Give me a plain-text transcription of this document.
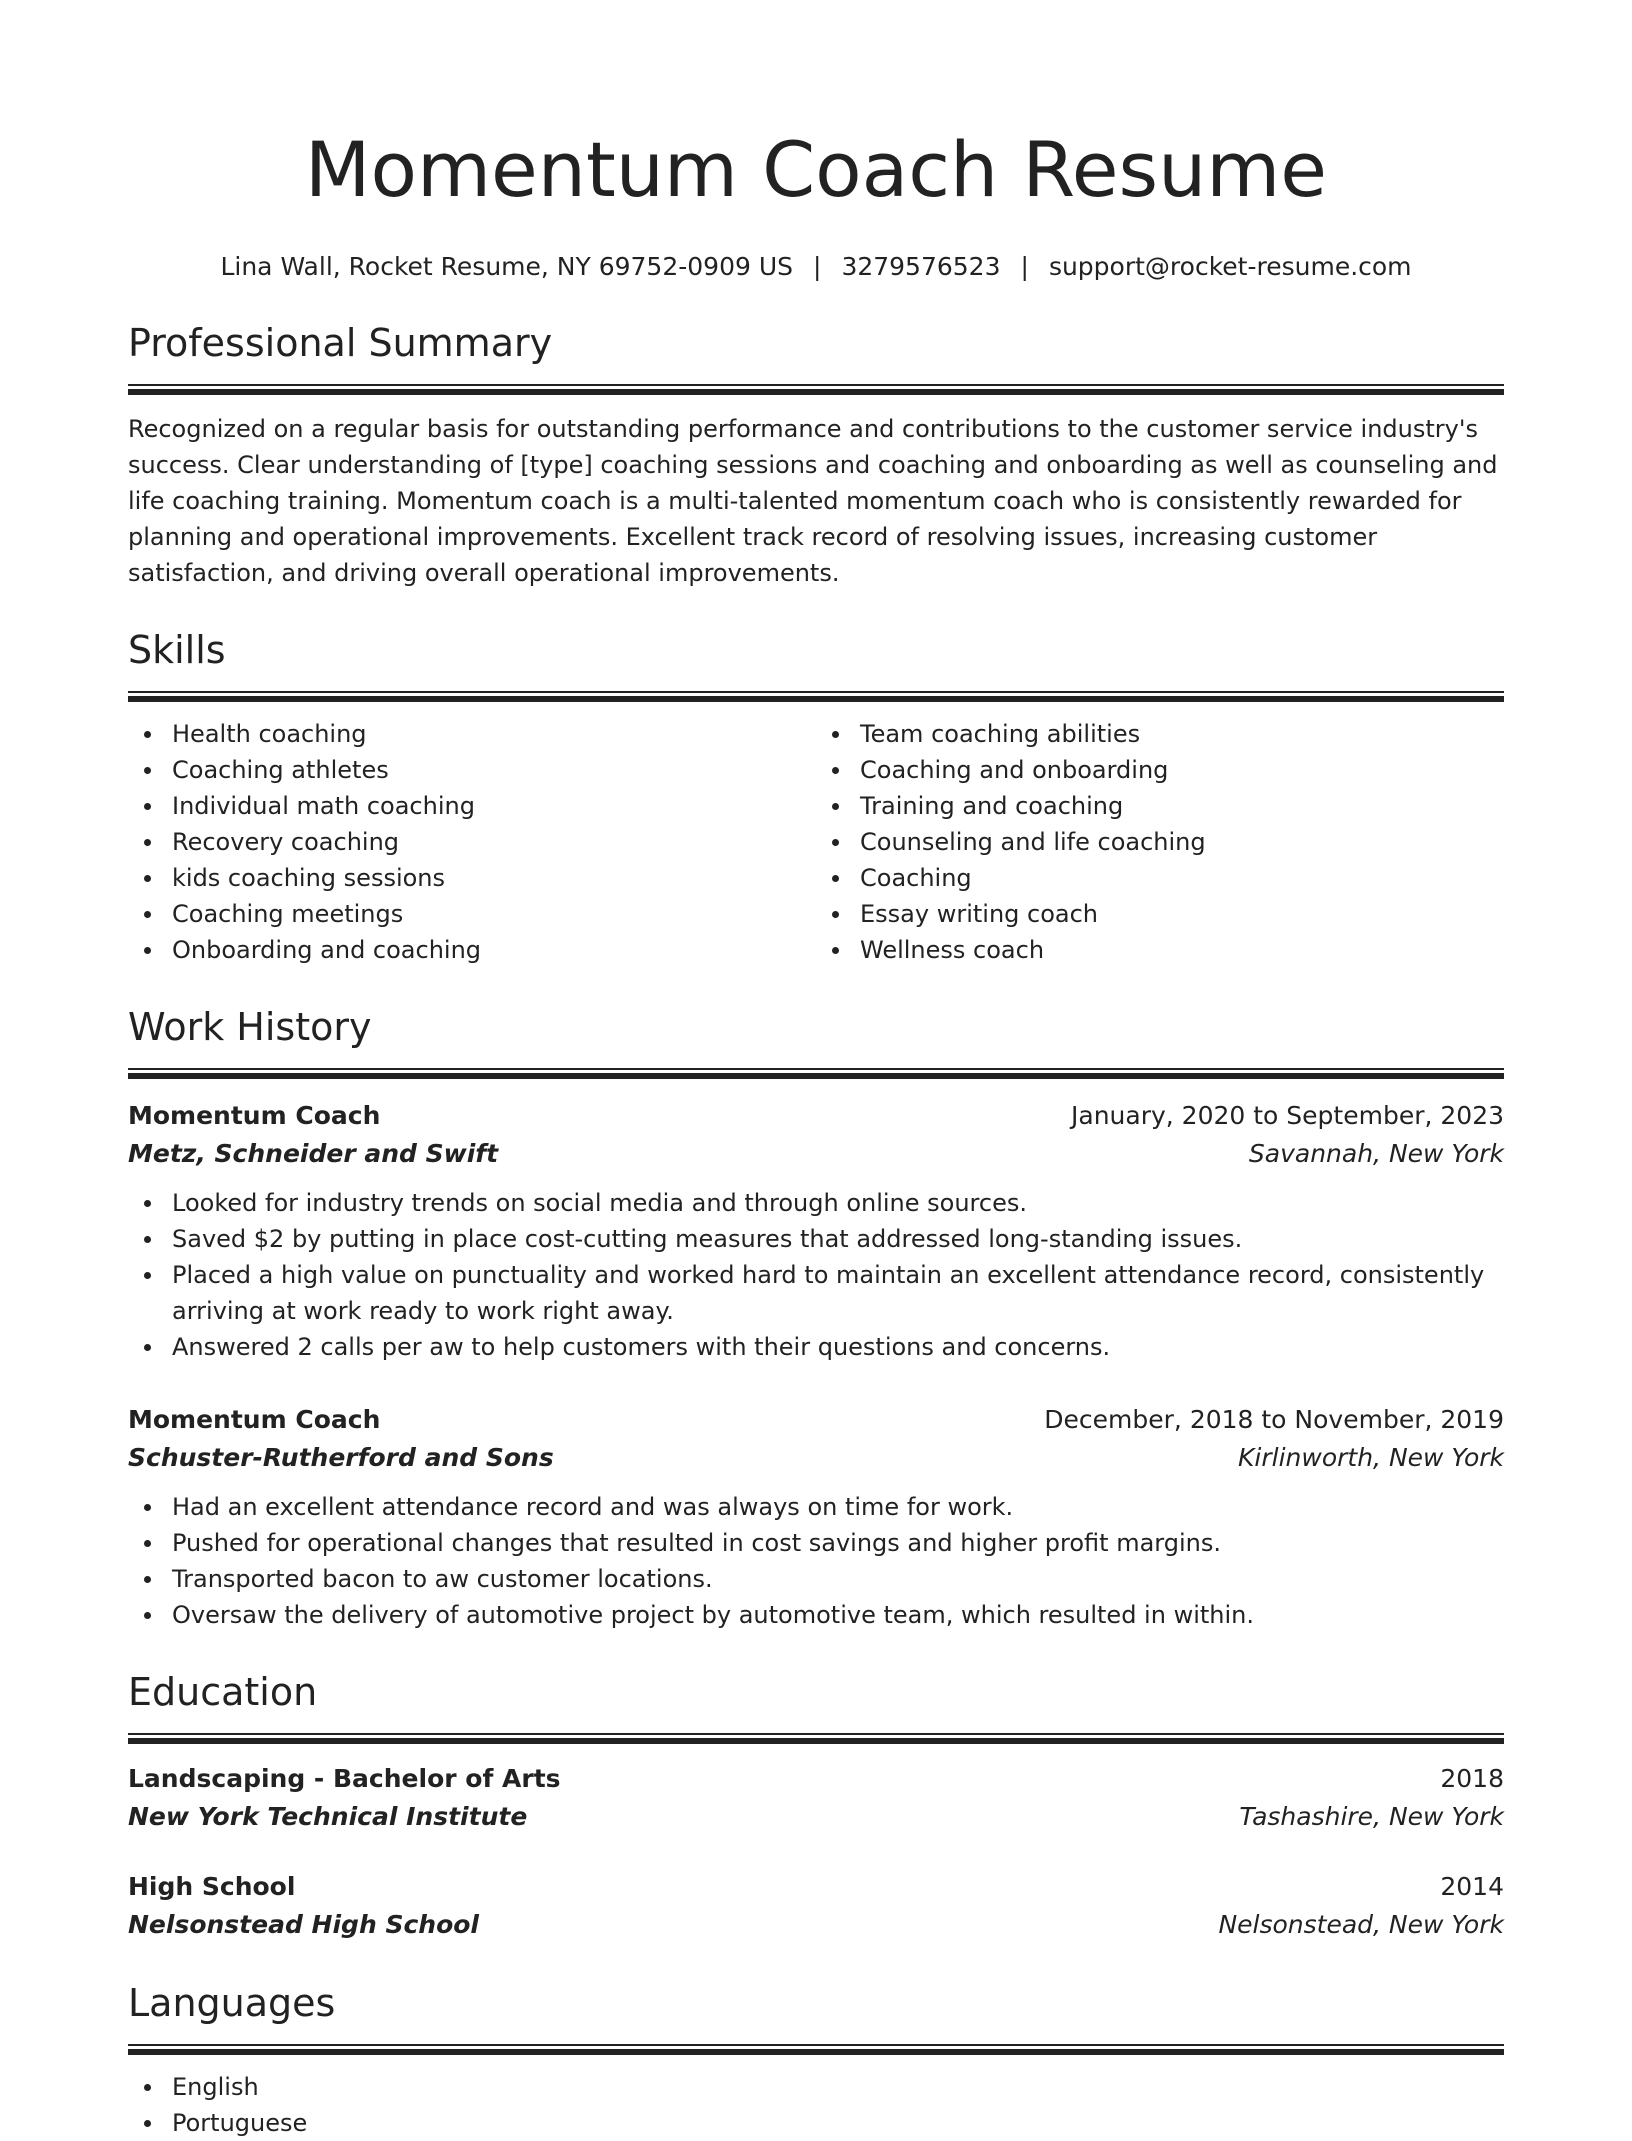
Momentum Coach Resume
Lina Wall, Rocket Resume, NY 69752-0909 US | 3279576523 | support@rocket-resume.com
Professional Summary
Recognized on a regular basis for outstanding performance and contributions to the customer service industry's success. Clear understanding of [type] coaching sessions and coaching and onboarding as well as counseling and life coaching training. Momentum coach is a multi-talented momentum coach who is consistently rewarded for planning and operational improvements. Excellent track record of resolving issues, increasing customer satisfaction, and driving overall operational improvements.
Skills
Health coaching
Coaching athletes
Individual math coaching
Recovery coaching
kids coaching sessions
Coaching meetings
Onboarding and coaching
Team coaching abilities
Coaching and onboarding
Training and coaching
Counseling and life coaching
Coaching
Essay writing coach
Wellness coach
Work History
Momentum Coach	January, 2020 to September, 2023
Metz, Schneider and Swift	Savannah, New York
Looked for industry trends on social media and through online sources.
Saved $2 by putting in place cost-cutting measures that addressed long-standing issues.
Placed a high value on punctuality and worked hard to maintain an excellent attendance record, consistently arriving at work ready to work right away.
Answered 2 calls per aw to help customers with their questions and concerns.
Momentum Coach	December, 2018 to November, 2019
Schuster-Rutherford and Sons	Kirlinworth, New York
Had an excellent attendance record and was always on time for work.
Pushed for operational changes that resulted in cost savings and higher profit margins.
Transported bacon to aw customer locations.
Oversaw the delivery of automotive project by automotive team, which resulted in within.
Education
Landscaping - Bachelor of Arts	2018
New York Technical Institute	Tashashire, New York
High School	2014
Nelsonstead High School	Nelsonstead, New York
Languages
English
Portuguese
